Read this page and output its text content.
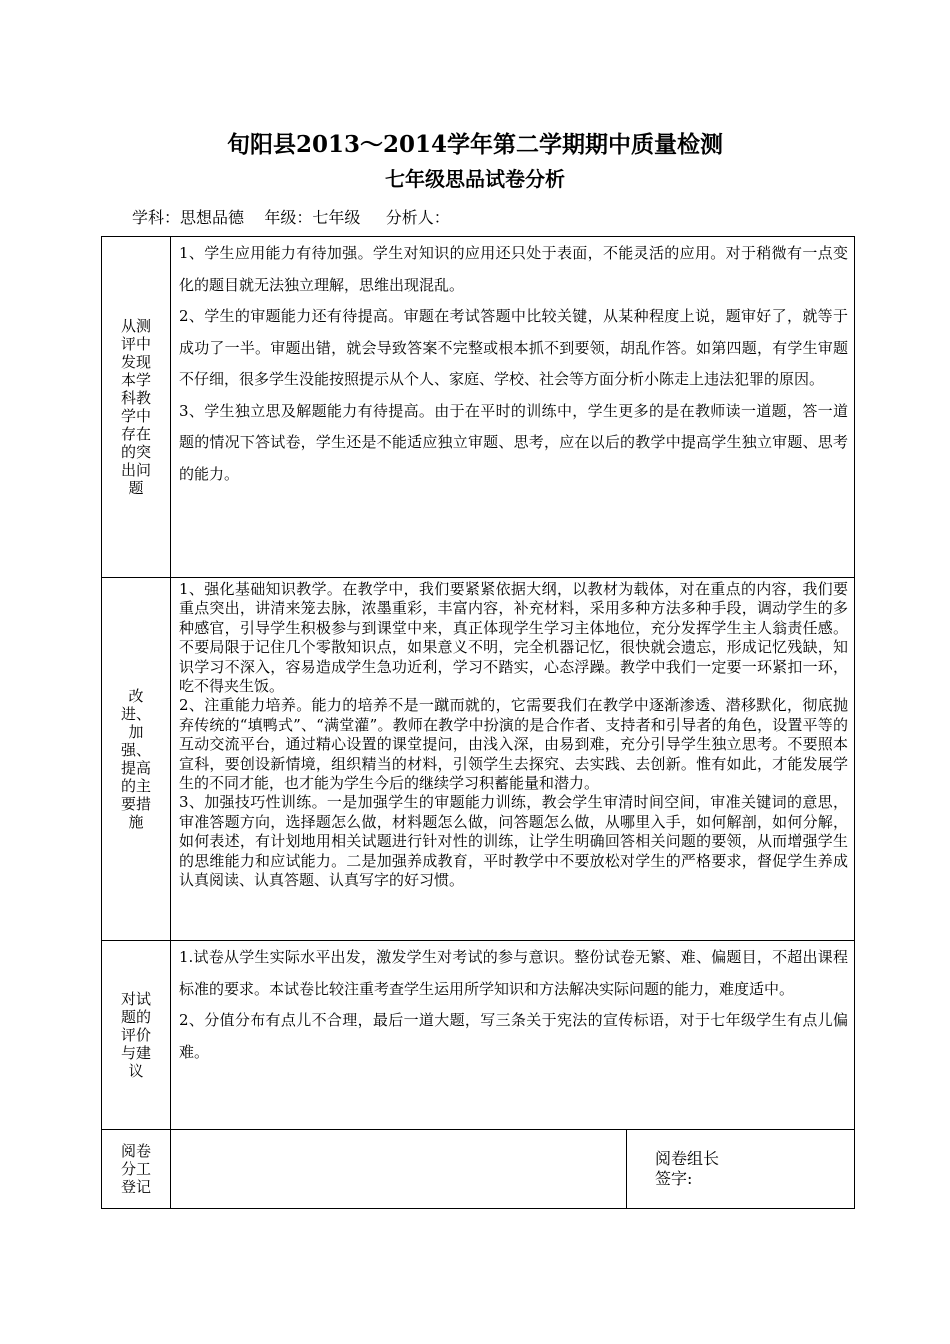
旬阳县2013～2014学年第二学期期中质量检测
七年级思品试卷分析
学科：思想品德    年级：七年级     分析人：
从测评中发现本学科教学中存在的突出问题	1、学生应用能力有待加强。学生对知识的应用还只处于表面，不能灵活的应用。对于稍微有一点变化的题目就无法独立理解，思维出现混乱。

2、学生的审题能力还有待提高。审题在考试答题中比较关键，从某种程度上说，题审好了，就等于成功了一半。审题出错，就会导致答案不完整或根本抓不到要领，胡乱作答。如第四题，有学生审题不仔细，很多学生没能按照提示从个人、家庭、学校、社会等方面分析小陈走上违法犯罪的原因。

3、学生独立思及解题能力有待提高。由于在平时的训练中，学生更多的是在教师读一道题，答一道题的情况下答试卷，学生还是不能适应独立审题、思考，应在以后的教学中提高学生独立审题、思考的能力。	

改进、加强、提高的主要措施	1、强化基础知识教学。在教学中，我们要紧紧依据大纲，以教材为载体，对在重点的内容，我们要重点突出，讲清来笼去脉，浓墨重彩，丰富内容，补充材料，采用多种方法多种手段，调动学生的多种感官，引导学生积极参与到课堂中来，真正体现学生学习主体地位，充分发挥学生主人翁责任感。不要局限于记住几个零散知识点，如果意义不明，完全机器记忆，很快就会遗忘，形成记忆残缺，知识学习不深入，容易造成学生急功近利，学习不踏实，心态浮躁。教学中我们一定要一环紧扣一环，吃不得夹生饭。

2、注重能力培养。能力的培养不是一蹴而就的，它需要我们在教学中逐渐渗透、潜移默化，彻底抛弃传统的“填鸭式”、“满堂灌”。教师在教学中扮演的是合作者、支持者和引导者的角色，设置平等的互动交流平台，通过精心设置的课堂提问，由浅入深，由易到难，充分引导学生独立思考。不要照本宣科，要创设新情境，组织精当的材料，引领学生去探究、去实践、去创新。惟有如此，才能发展学生的不同才能，也才能为学生今后的继续学习积蓄能量和潜力。

3、加强技巧性训练。一是加强学生的审题能力训练，教会学生审清时间空间，审准关键词的意思，审准答题方向，选择题怎么做，材料题怎么做，问答题怎么做，从哪里入手，如何解剖，如何分解，如何表述，有计划地用相关试题进行针对性的训练，让学生明确回答相关问题的要领，从而增强学生的思维能力和应试能力。二是加强养成教育，平时教学中不要放松对学生的严格要求，督促学生养成认真阅读、认真答题、认真写字的好习惯。	

对试题的评价与建议	1.试卷从学生实际水平出发，激发学生对考试的参与意识。整份试卷无繁、难、偏题目，不超出课程标准的要求。本试卷比较注重考查学生运用所学知识和方法解决实际问题的能力，难度适中。

2、分值分布有点儿不合理，最后一道大题，写三条关于宪法的宣传标语，对于七年级学生有点儿偏难。	

阅卷分工登记		阅卷组长
签字:
